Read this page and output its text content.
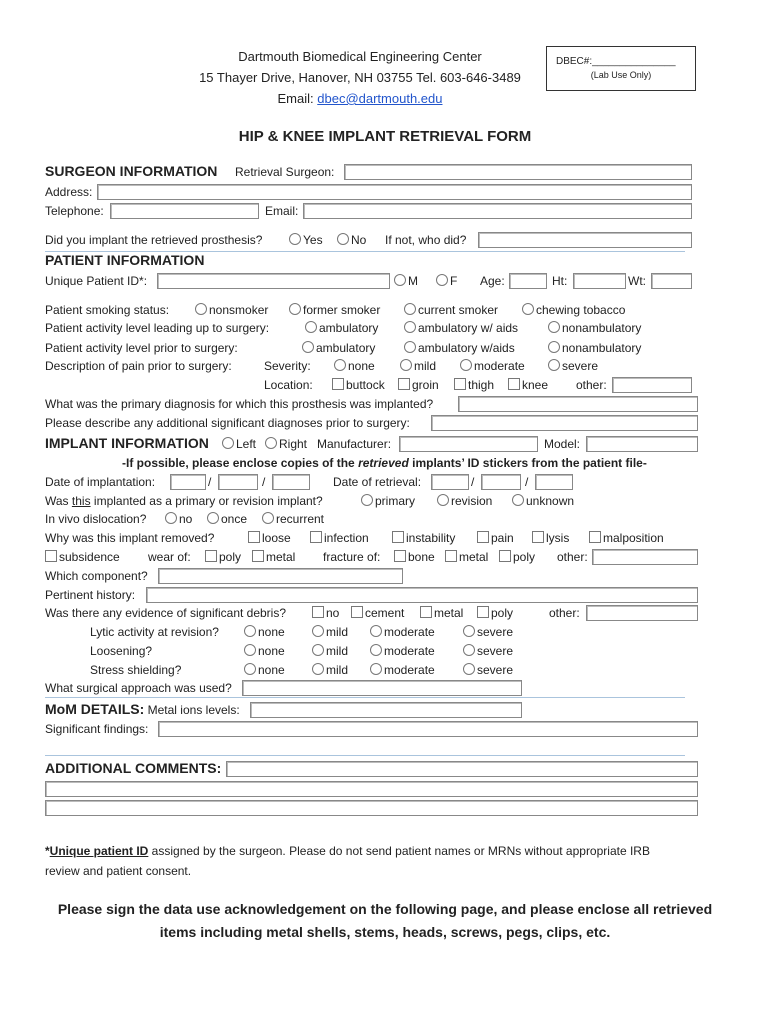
Dartmouth Biomedical Engineering Center
15 Thayer Drive, Hanover, NH 03755 Tel. 603-646-3489
Email: dbec@dartmouth.edu
DBEC#:_______________
(Lab Use Only)
HIP & KNEE IMPLANT RETRIEVAL FORM
SURGEON INFORMATION Retrieval Surgeon:
Address:
Telephone:	Email:
Did you implant the retrieved prosthesis?	Yes	No If not, who did?
PATIENT INFORMATION
Unique Patient ID*:	M	F Age:	Ht:	Wt:
Patient smoking status:	nonsmoker	former smoker	current smoker	chewing tobacco
Patient activity level leading up to surgery:	ambulatory	ambulatory w/ aids	nonambulatory
Patient activity level prior to surgery:	ambulatory	ambulatory w/aids	nonambulatory
Description of pain prior to surgery:	Severity:	none	mild	moderate	severe
Location:	buttock	groin	thigh	knee other:
What was the primary diagnosis for which this prosthesis was implanted?
Please describe any additional significant diagnoses prior to surgery:
IMPLANT INFORMATION	Left	Right Manufacturer:	Model:
-If possible, please enclose copies of the retrieved implants’ ID stickers from the patient file-
Date of implantation:	/	/	Date of retrieval:	/	/
Was this implanted as a primary or revision implant?	primary	revision	unknown
In vivo dislocation?	no	once	recurrent
Why was this implant removed?	loose	infection	instability	pain	lysis	malposition
subsidence wear of:	poly	metal fracture of:	bone	metal	poly other:
Which component?
Pertinent history:
Was there any evidence of significant debris?	no	cement	metal	poly	other:
Lytic activity at revision?	none	mild	moderate	severe
Loosening?	none	mild	moderate	severe
Stress shielding?	none	mild	moderate	severe
What surgical approach was used?
MoM DETAILS: Metal ions levels:
Significant findings:
ADDITIONAL COMMENTS:
*Unique patient ID assigned by the surgeon. Please do not send patient names or MRNs without appropriate IRB
review and patient consent.
Please sign the data use acknowledgement on the following page, and please enclose all retrieved
items including metal shells, stems, heads, screws, pegs, clips, etc.
